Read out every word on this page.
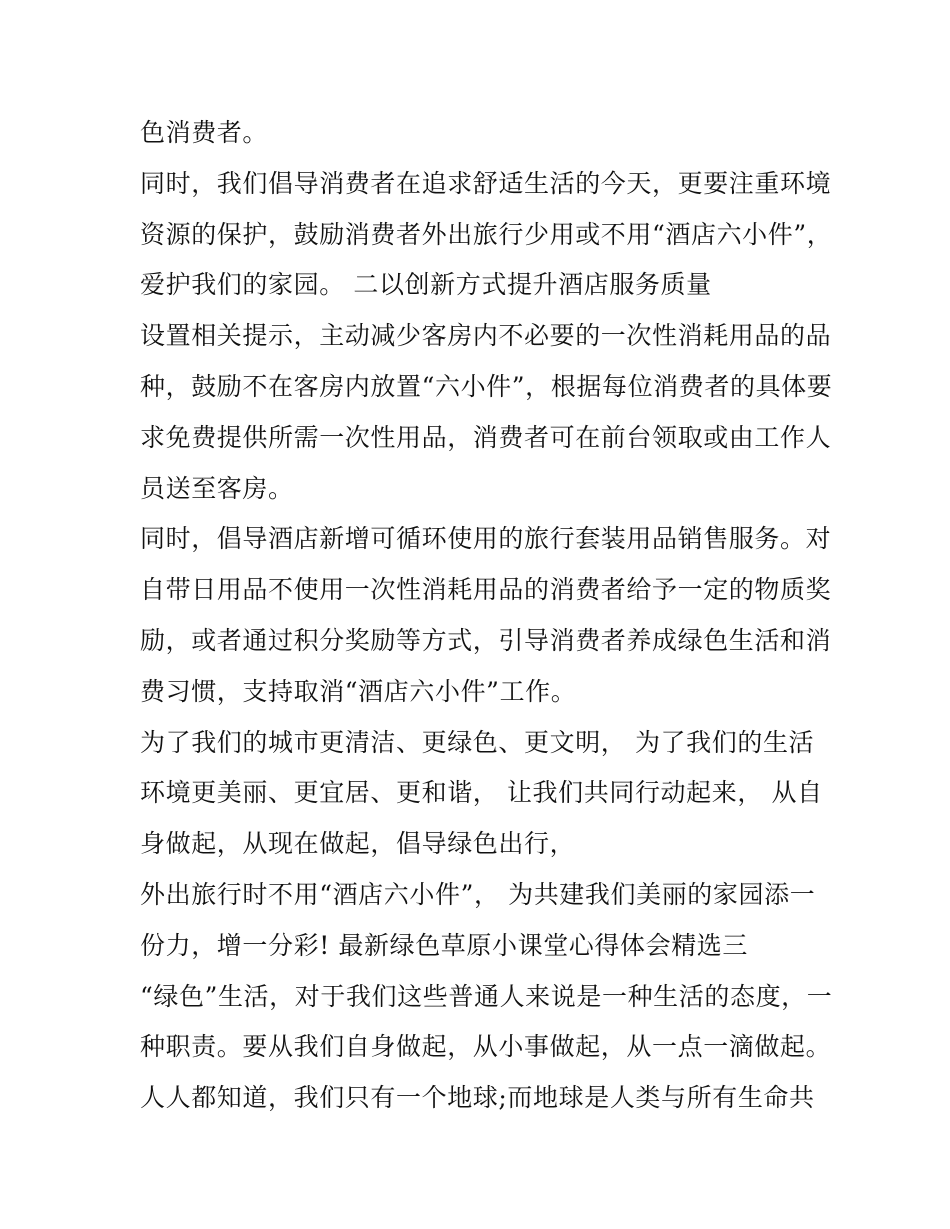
色消费者。
同时，我们倡导消费者在追求舒适生活的今天，更要注重环境
资源的保护，鼓励消费者外出旅行少用或不用“酒店六小件”，
爱护我们的家园。 二以创新方式提升酒店服务质量
设置相关提示，主动减少客房内不必要的一次性消耗用品的品
种，鼓励不在客房内放置“六小件”，根据每位消费者的具体要
求免费提供所需一次性用品，消费者可在前台领取或由工作人
员送至客房。
同时，倡导酒店新增可循环使用的旅行套装用品销售服务。对
自带日用品不使用一次性消耗用品的消费者给予一定的物质奖
励，或者通过积分奖励等方式，引导消费者养成绿色生活和消
费习惯，支持取消“酒店六小件”工作。
为了我们的城市更清洁、更绿色、更文明， 为了我们的生活
环境更美丽、更宜居、更和谐， 让我们共同行动起来， 从自
身做起，从现在做起，倡导绿色出行，
外出旅行时不用“酒店六小件”， 为共建我们美丽的家园添一
份力，增一分彩! 最新绿色草原小课堂心得体会精选三
“绿色”生活，对于我们这些普通人来说是一种生活的态度，一
种职责。要从我们自身做起，从小事做起，从一点一滴做起。
人人都知道，我们只有一个地球;而地球是人类与所有生命共
